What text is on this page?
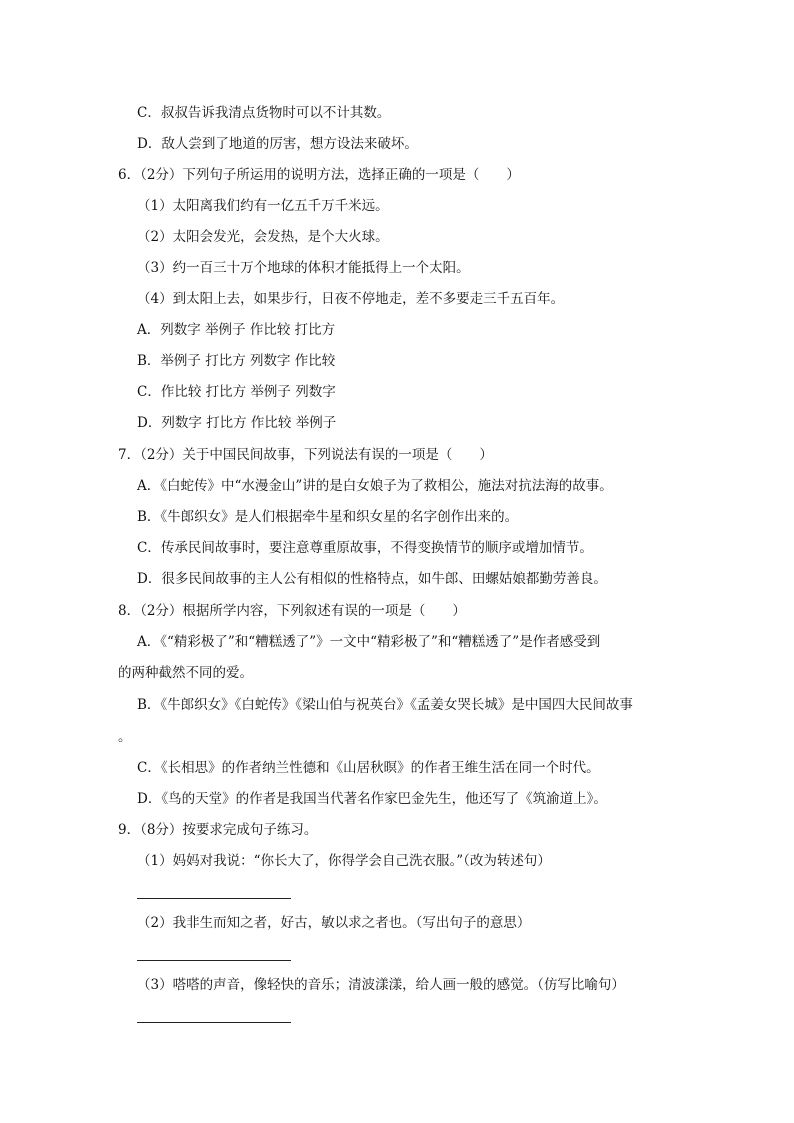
C．叔叔告诉我清点货物时可以不计其数。
D．敌人尝到了地道的厉害，想方设法来破坏。
6．（2分）下列句子所运用的说明方法，选择正确的一项是（　　）
（1）太阳离我们约有一亿五千万千米远。
（2）太阳会发光，会发热，是个大火球。
（3）约一百三十万个地球的体积才能抵得上一个太阳。
（4）到太阳上去，如果步行，日夜不停地走，差不多要走三千五百年。
A．列数字 举例子 作比较 打比方
B．举例子 打比方 列数字 作比较
C．作比较 打比方 举例子 列数字
D．列数字 打比方 作比较 举例子
7．（2分）关于中国民间故事，下列说法有误的一项是（　　）
A．《白蛇传》中“水漫金山”讲的是白女娘子为了救相公，施法对抗法海的故事。
B．《牛郎织女》是人们根据牵牛星和织女星的名字创作出来的。
C．传承民间故事时，要注意尊重原故事，不得变换情节的顺序或增加情节。
D．很多民间故事的主人公有相似的性格特点，如牛郎、田螺姑娘都勤劳善良。
8．（2分）根据所学内容，下列叙述有误的一项是（　　）
A．《“精彩极了”和“糟糕透了”》一文中“精彩极了”和“糟糕透了”是作者感受到
的两种截然不同的爱。
B．《牛郎织女》《白蛇传》《梁山伯与祝英台》《孟姜女哭长城》是中国四大民间故事
。
C．《长相思》的作者纳兰性德和《山居秋暝》的作者王维生活在同一个时代。
D．《鸟的天堂》的作者是我国当代著名作家巴金先生，他还写了《筑渝道上》。
9．（8分）按要求完成句子练习。
（1）妈妈对我说：“你长大了，你得学会自己洗衣服。”（改为转述句）
（2）我非生而知之者，好古，敏以求之者也。（写出句子的意思）
（3）嗒嗒的声音，像轻快的音乐；清波漾漾，给人画一般的感觉。（仿写比喻句）
